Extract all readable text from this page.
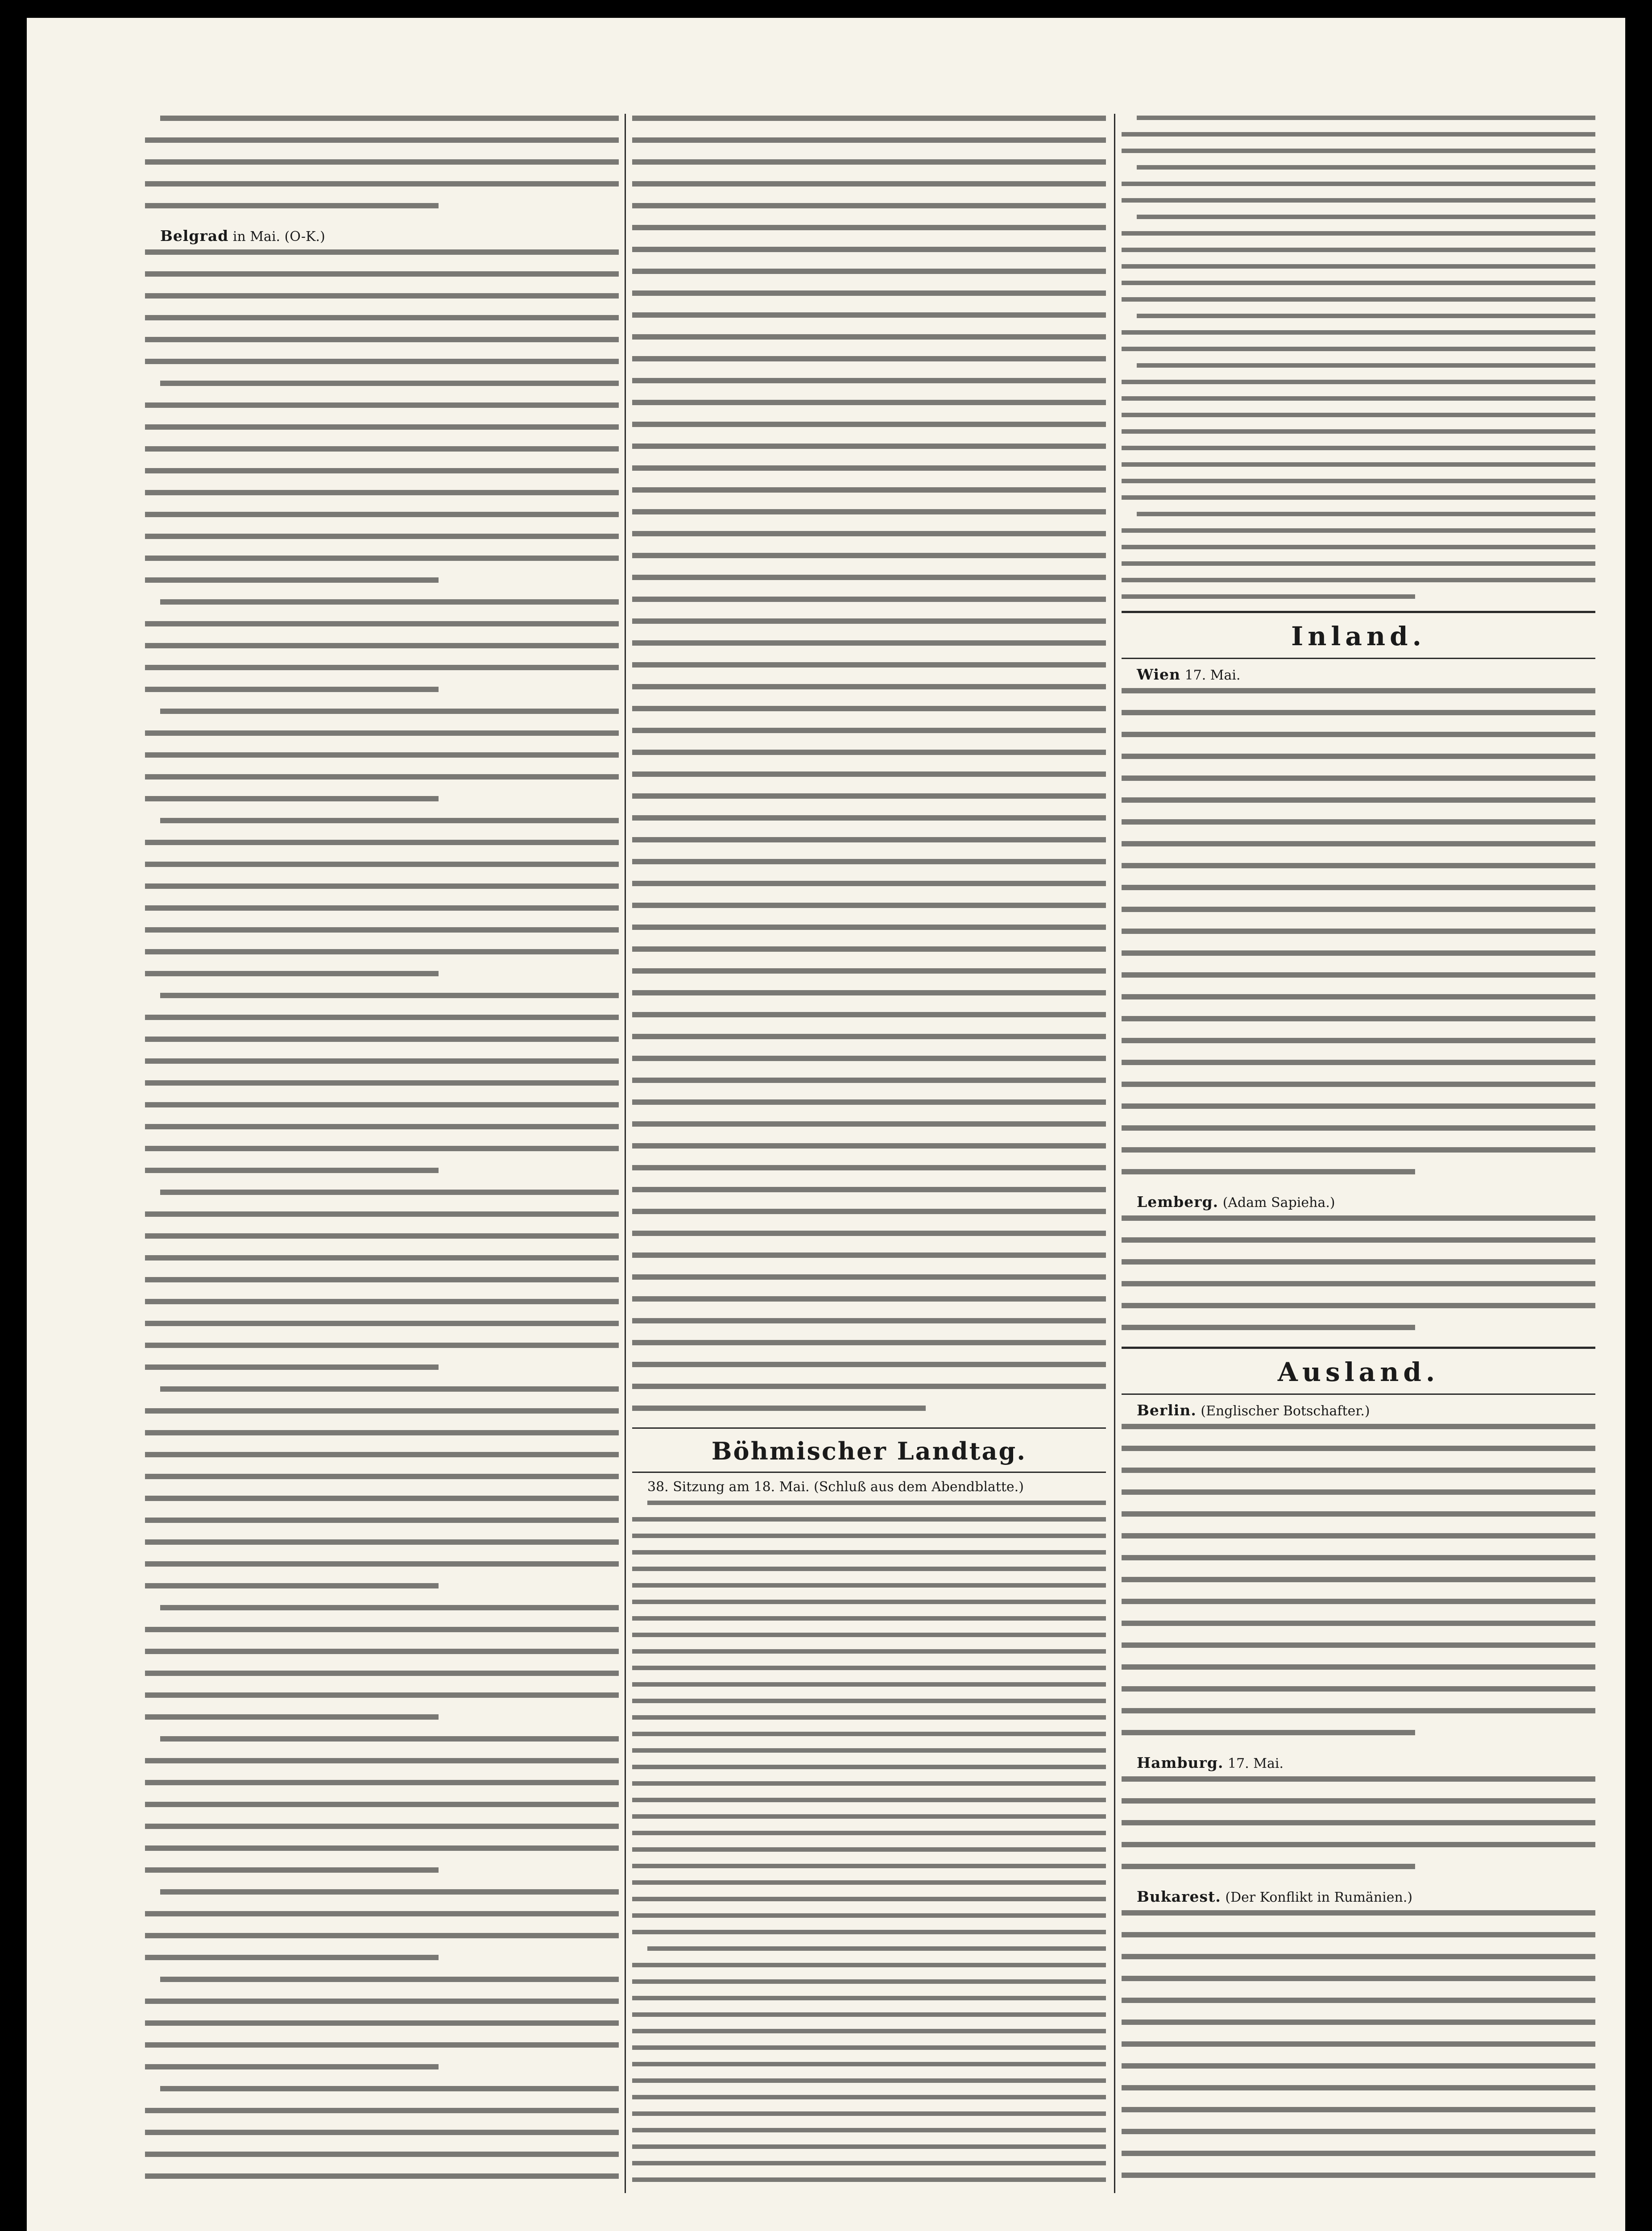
Belgrad in Mai. (O-K.)

Böhmischer Landtag.

38. Sitzung am 18. Mai. (Schluß aus dem Abendblatte.)

Inland.

Wien 17. Mai.

Lemberg. (Adam Sapieha.)

Ausland.

Berlin. (Englischer Botschafter.)

Hamburg. 17. Mai.

Bukarest. (Der Konflikt in Rumänien.)
